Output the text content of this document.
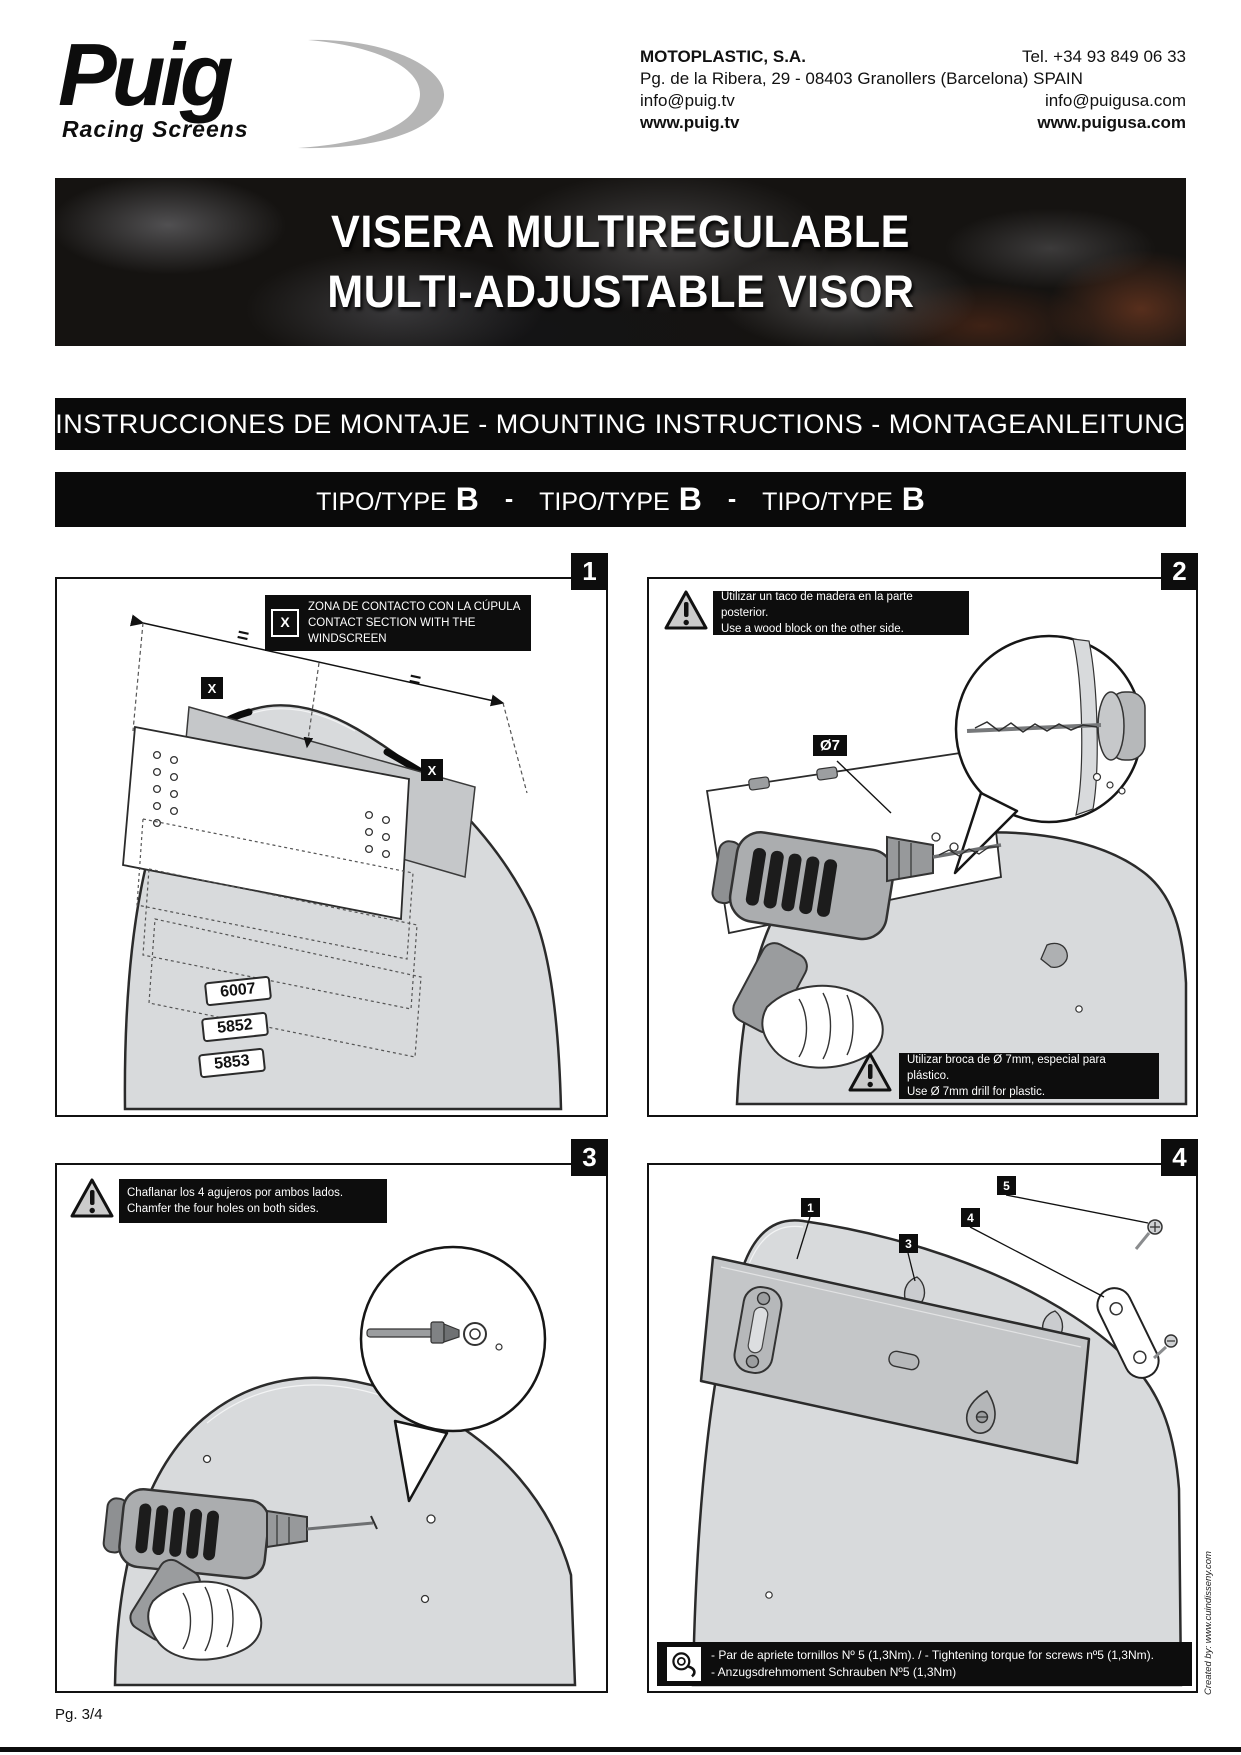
Puig
Racing Screens
MOTOPLASTIC, S.A.	Tel. +34 93 849 06 33
Pg. de la Ribera, 29 - 08403 Granollers (Barcelona) SPAIN
info@puig.tv	info@puigusa.com
www.puig.tv	www.puigusa.com
VISERA MULTIREGULABLE
MULTI-ADJUSTABLE VISOR
INSTRUCCIONES DE MONTAJE - MOUNTING INSTRUCTIONS - MONTAGEANLEITUNG
TIPO/TYPE B - TIPO/TYPE B - TIPO/TYPE B
1	2
3	4
X
ZONA DE CONTACTO CON LA CÚPULA
CONTACT SECTION WITH THE WINDSCREEN
=
=
X
X
6007
5852
5853
Utilizar un taco de madera en la parte posterior.
Use a wood block on the other side.
Ø7
Utilizar broca de Ø 7mm, especial para plástico.
Use Ø 7mm drill for plastic.
Chaflanar los 4 agujeros por ambos lados.
Chamfer the four holes on both sides.	1
3
4
5
- Par de apriete tornillos Nº 5 (1,3Nm). / - Tightening torque for screws nº5 (1,3Nm).
- Anzugsdrehmoment Schrauben Nº5 (1,3Nm)
Pg. 3/4
Created by: www.cuindisseny.com
